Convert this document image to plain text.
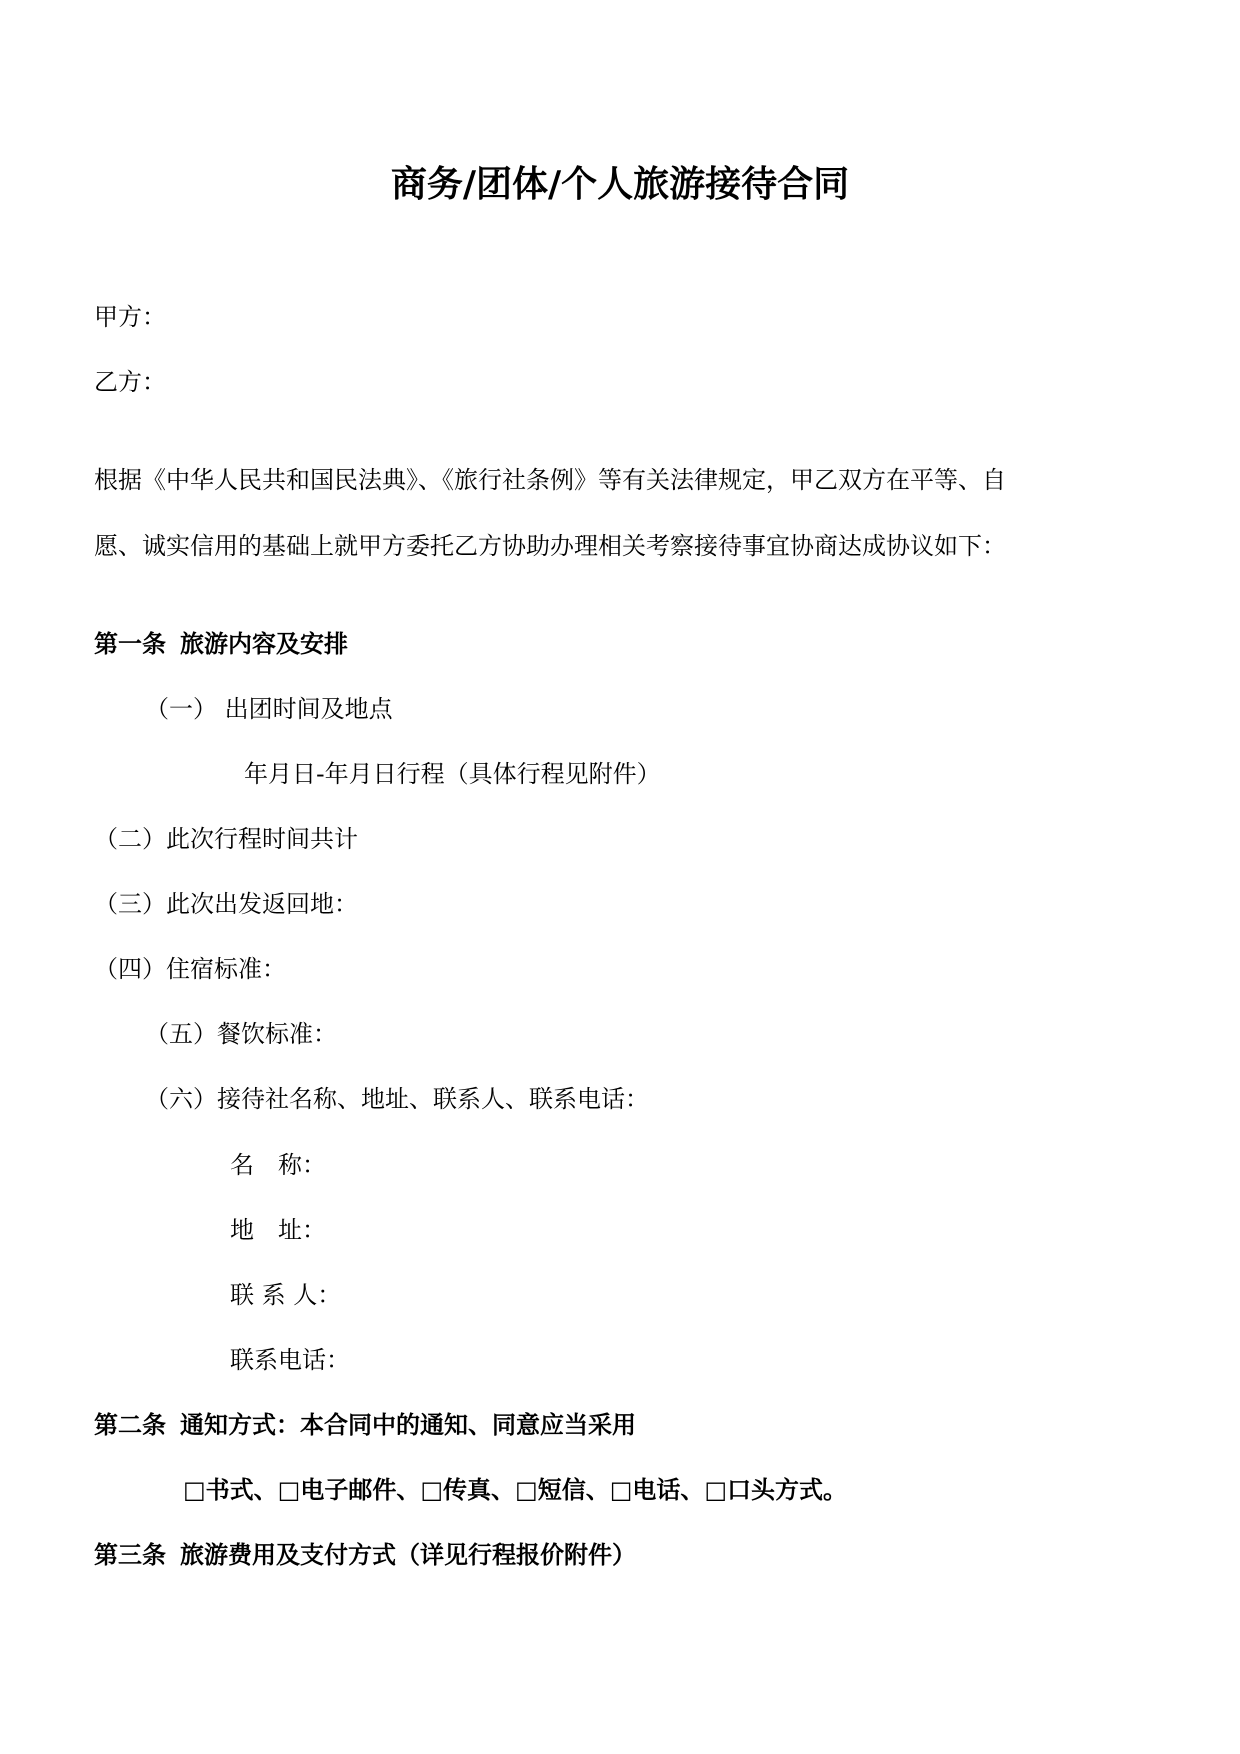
商务/团体/个人旅游接待合同
甲方：
乙方：
根据《中华人民共和国民法典》、《旅行社条例》等有关法律规定，甲乙双方在平等、自
愿、诚实信用的基础上就甲方委托乙方协助办理相关考察接待事宜协商达成协议如下：
第一条 旅游内容及安排
（一） 出团时间及地点
年月日-年月日行程（具体行程见附件）
（二）此次行程时间共计
（三）此次出发返回地：
（四）住宿标准：
（五）餐饮标准：
（六）接待社名称、地址、联系人、联系电话：
名　称：
地　址：
联 系 人：
联系电话：
第二条 通知方式：本合同中的通知、同意应当采用
□书式、□电子邮件、□传真、□短信、□电话、□口头方式。
第三条 旅游费用及支付方式（详见行程报价附件）
